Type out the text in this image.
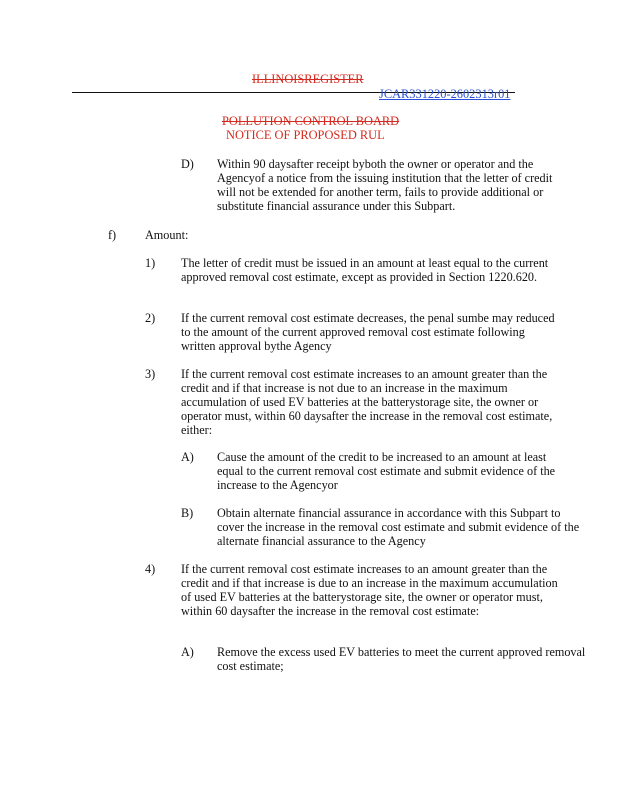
ILLINOISREGISTER
JCAR331220-2602313r01
POLLUTION CONTROL BOARD
NOTICE OF PROPOSED RUL
D) Within 90 daysafter receipt byboth the owner or operator and the Agencyof a notice from the issuing institution that the letter of credit will not be extended for another term, fails to provide additional or substitute financial assurance under this Subpart.
f) Amount:
1) The letter of credit must be issued in an amount at least equal to the current approved removal cost estimate, except as provided in Section 1220.620.
2) If the current removal cost estimate decreases, the penal sumbe may reduced to the amount of the current approved removal cost estimate following written approval bythe Agency
3) If the current removal cost estimate increases to an amount greater than the credit and if that increase is not due to an increase in the maximum accumulation of used EV batteries at the batterystorage site, the owner or operator must, within 60 daysafter the increase in the removal cost estimate, either:
A) Cause the amount of the credit to be increased to an amount at least equal to the current removal cost estimate and submit evidence of the increase to the Agencyor
B) Obtain alternate financial assurance in accordance with this Subpart to cover the increase in the removal cost estimate and submit evidence of the alternate financial assurance to the Agency
4) If the current removal cost estimate increases to an amount greater than the credit and if that increase is due to an increase in the maximum accumulation of used EV batteries at the batterystorage site, the owner or operator must, within 60 daysafter the increase in the removal cost estimate:
A) Remove the excess used EV batteries to meet the current approved removal cost estimate;
